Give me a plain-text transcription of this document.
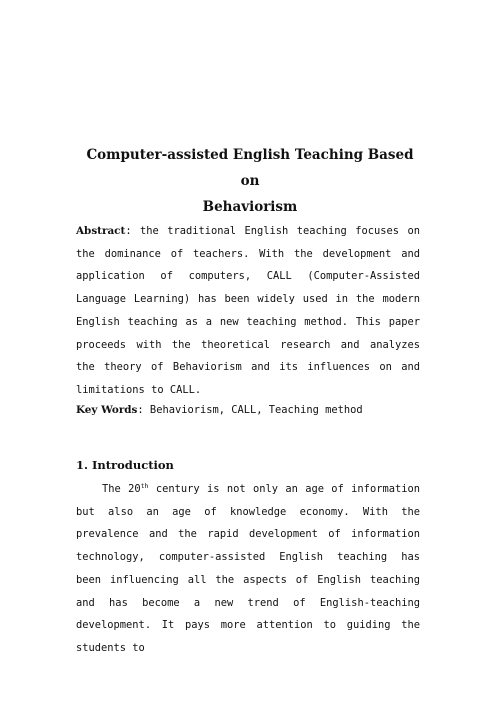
Computer-assisted English Teaching Based on
Behaviorism

Abstract: the traditional English teaching focuses on the dominance of teachers. With the development and application of computers, CALL (Computer-Assisted Language Learning) has been widely used in the modern English teaching as a new teaching method. This paper proceeds with the theoretical research and analyzes the theory of Behaviorism and its influences on and limitations to CALL.

Key Words: Behaviorism, CALL, Teaching method

1. Introduction

The 20th century is not only an age of information but also an age of knowledge economy. With the prevalence and the rapid development of information technology, computer-assisted English teaching has been influencing all the aspects of English teaching and has become a new trend of English-teaching development. It pays more attention to guiding the students to
